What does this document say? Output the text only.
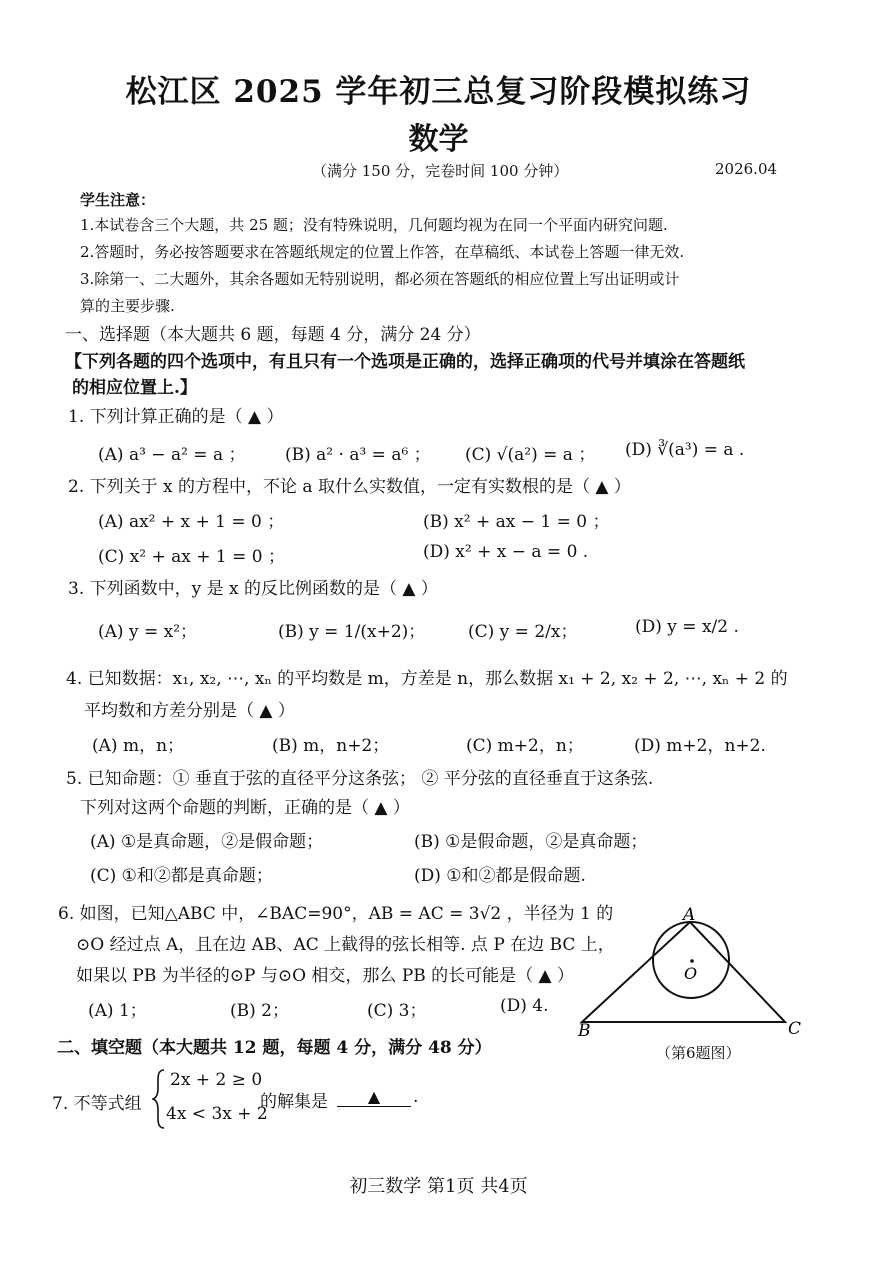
松江区 2025 学年初三总复习阶段模拟练习
数学
（满分 150 分，完卷时间 100 分钟）	2026.04
学生注意：
1.本试卷含三个大题，共 25 题；没有特殊说明，几何题均视为在同一个平面内研究问题.
2.答题时，务必按答题要求在答题纸规定的位置上作答，在草稿纸、本试卷上答题一律无效.
3.除第一、二大题外，其余各题如无特别说明，都必须在答题纸的相应位置上写出证明或计
算的主要步骤.
一、选择题（本大题共 6 题，每题 4 分，满分 24 分）
【下列各题的四个选项中，有且只有一个选项是正确的，选择正确项的代号并填涂在答题纸
的相应位置上.】
1. 下列计算正确的是（ ▲ ）
(A) a³ − a² = a ； (B) a² · a³ = a⁶ ； (C) √(a²) = a ； (D) ∛(a³) = a .
2. 下列关于 x 的方程中，不论 a 取什么实数值，一定有实数根的是（ ▲ ）
(A) ax² + x + 1 = 0 ；	(B) x² + ax − 1 = 0 ；
(C) x² + ax + 1 = 0 ；	(D) x² + x − a = 0 .
3. 下列函数中，y 是 x 的反比例函数的是（ ▲ ）
(A) y = x²；	(B) y = 1/(x+2)；	(C) y = 2/x；	(D) y = x/2 .
4. 已知数据：x₁, x₂, ⋯, xₙ 的平均数是 m，方差是 n，那么数据 x₁ + 2, x₂ + 2, ⋯, xₙ + 2 的
平均数和方差分别是（ ▲ ）
(A) m，n；	(B) m，n+2；	(C) m+2，n；	(D) m+2，n+2.
5. 已知命题：① 垂直于弦的直径平分这条弦； ② 平分弦的直径垂直于这条弦.
下列对这两个命题的判断，正确的是（ ▲ ）
(A) ①是真命题，②是假命题；	(B) ①是假命题，②是真命题；
(C) ①和②都是真命题；	(D) ①和②都是假命题.
6. 如图，已知△ABC 中，∠BAC=90°，AB = AC = 3√2 ，半径为 1 的
⊙O 经过点 A，且在边 AB、AC 上截得的弦长相等. 点 P 在边 BC 上，
如果以 PB 为半径的⊙P 与⊙O 相交，那么 PB 的长可能是（ ▲ ）
(A) 1；	(B) 2；	(C) 3；	(D) 4.
A
O
B	C
（第6题图）
二、填空题（本大题共 12 题，每题 4 分，满分 48 分）
7. 不等式组
2x + 2 ≥ 0
4x < 3x + 2
的解集是	▲	.
初三数学 第1页 共4页
